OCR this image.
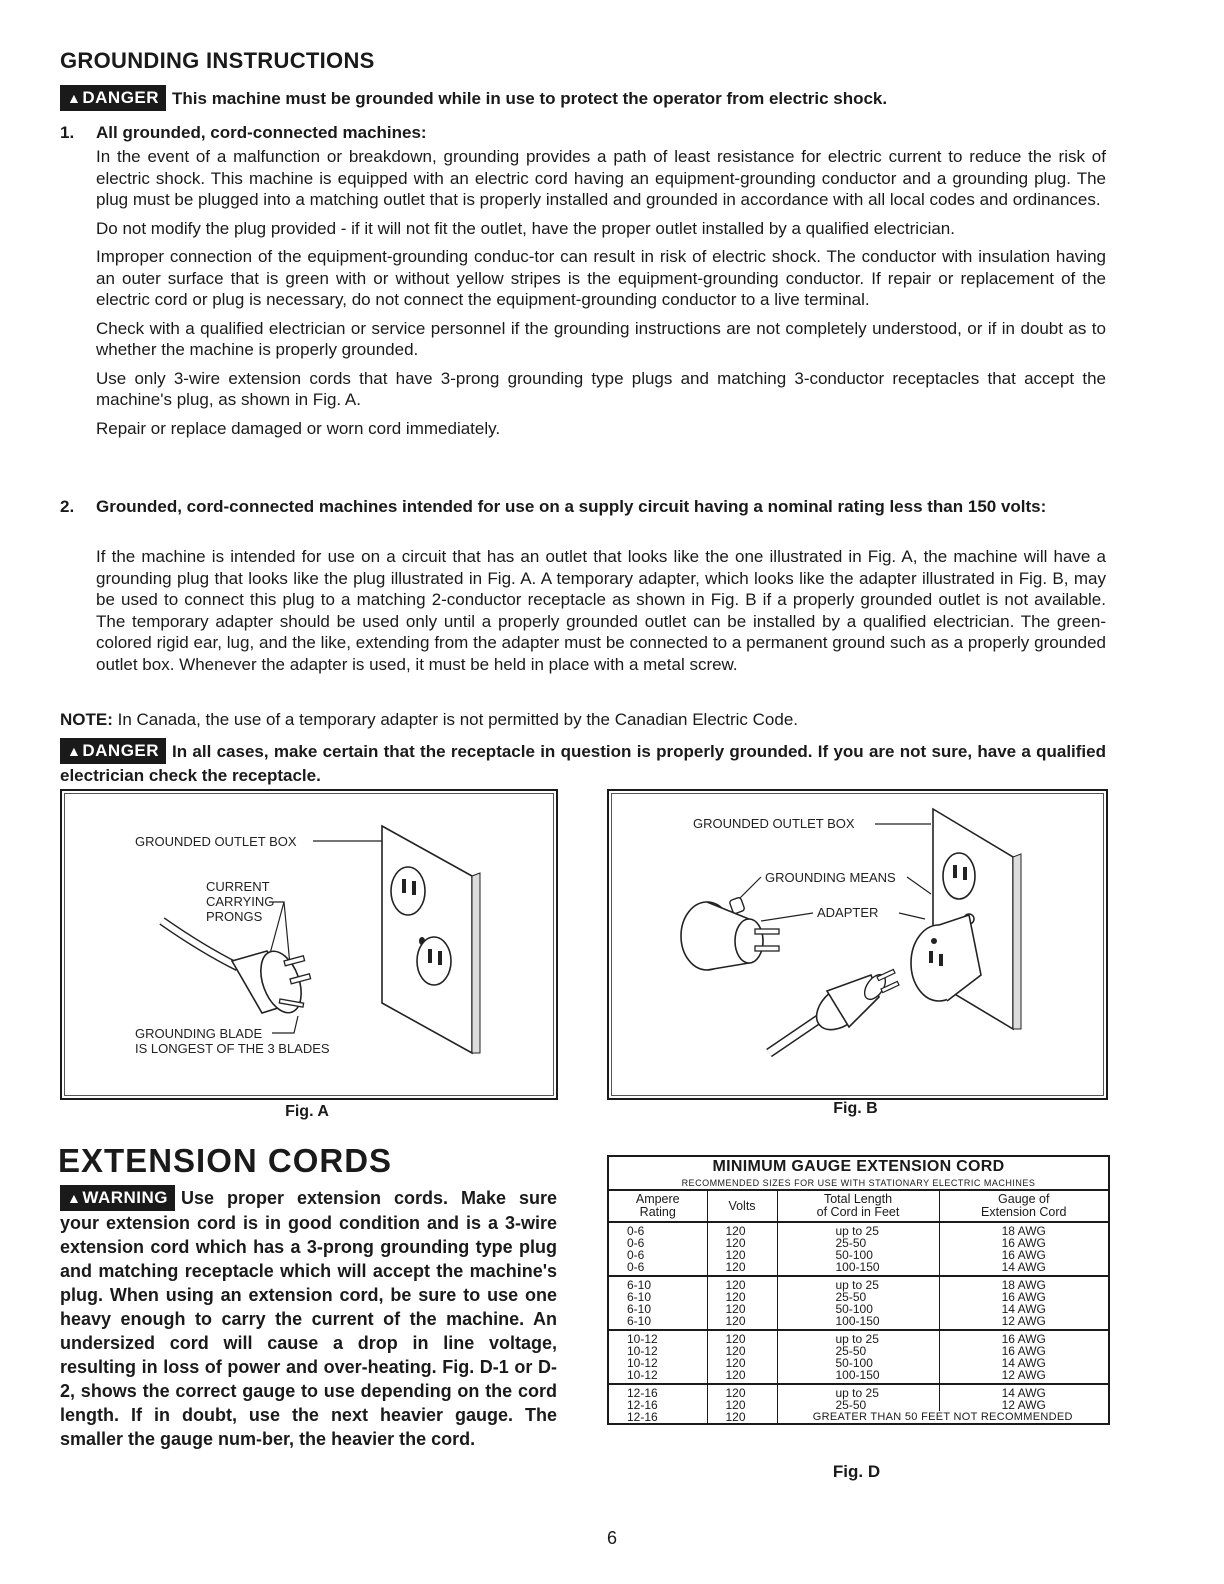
GROUNDING INSTRUCTIONS
▲DANGER This machine must be grounded while in use to protect the operator from electric shock.
1. All grounded, cord-connected machines:

In the event of a malfunction or breakdown, grounding provides a path of least resistance for electric current to reduce the risk of electric shock. This machine is equipped with an electric cord having an equipment-grounding conductor and a grounding plug. The plug must be plugged into a matching outlet that is properly installed and grounded in accordance with all local codes and ordinances.

Do not modify the plug provided - if it will not fit the outlet, have the proper outlet installed by a qualified electrician.

Improper connection of the equipment-grounding conduc-tor can result in risk of electric shock. The conductor with insulation having an outer surface that is green with or without yellow stripes is the equipment-grounding conductor. If repair or replacement of the electric cord or plug is necessary, do not connect the equipment-grounding conductor to a live terminal.

Check with a qualified electrician or service personnel if the grounding instructions are not completely understood, or if in doubt as to whether the machine is properly grounded.

Use only 3-wire extension cords that have 3-prong grounding type plugs and matching 3-conductor receptacles that accept the machine's plug, as shown in Fig. A.

Repair or replace damaged or worn cord immediately.

2. Grounded, cord-connected machines intended for use on a supply circuit having a nominal rating less than 150 volts:
If the machine is intended for use on a circuit that has an outlet that looks like the one illustrated in Fig. A, the machine will have a grounding plug that looks like the plug illustrated in Fig. A. A temporary adapter, which looks like the adapter illustrated in Fig. B, may be used to connect this plug to a matching 2-conductor receptacle as shown in Fig. B if a properly grounded outlet is not available. The temporary adapter should be used only until a properly grounded outlet can be installed by a qualified electrician. The green-colored rigid ear, lug, and the like, extending from the adapter must be connected to a permanent ground such as a properly grounded outlet box. Whenever the adapter is used, it must be held in place with a metal screw.
NOTE: In Canada, the use of a temporary adapter is not permitted by the Canadian Electric Code.
▲DANGER In all cases, make certain that the receptacle in question is properly grounded. If you are not sure, have a qualified electrician check the receptacle.
GROUNDED OUTLET BOX
CURRENT
CARRYING
PRONGS
GROUNDING BLADE
IS LONGEST OF THE 3 BLADES
Fig. A
GROUNDED OUTLET BOX
GROUNDING MEANS
ADAPTER
Fig. B
EXTENSION CORDS
▲WARNING Use proper extension cords. Make sure your extension cord is in good condition and is a 3-wire extension cord which has a 3-prong grounding type plug and matching receptacle which will accept the machine's plug. When using an extension cord, be sure to use one heavy enough to carry the current of the machine. An undersized cord will cause a drop in line voltage, resulting in loss of power and over-heating. Fig. D-1 or D-2, shows the correct gauge to use depending on the cord length. If in doubt, use the next heavier gauge. The smaller the gauge num-ber, the heavier the cord.
MINIMUM GAUGE EXTENSION CORD
RECOMMENDED SIZES FOR USE WITH STATIONARY ELECTRIC MACHINES
Ampere
Rating	Volts	Total Length
of Cord in Feet	Gauge of
Extension Cord
0-6	120	up to 25	18 AWG
0-6	120	25-50	16 AWG
0-6	120	50-100	16 AWG
0-6	120	100-150	14 AWG
6-10	120	up to 25	18 AWG
6-10	120	25-50	16 AWG
6-10	120	50-100	14 AWG
6-10	120	100-150	12 AWG
10-12	120	up to 25	16 AWG
10-12	120	25-50	16 AWG
10-12	120	50-100	14 AWG
10-12	120	100-150	12 AWG
12-16	120	up to 25	14 AWG
12-16	120	25-50	12 AWG
12-16	120	GREATER THAN 50 FEET NOT RECOMMENDED	
Fig. D
6
